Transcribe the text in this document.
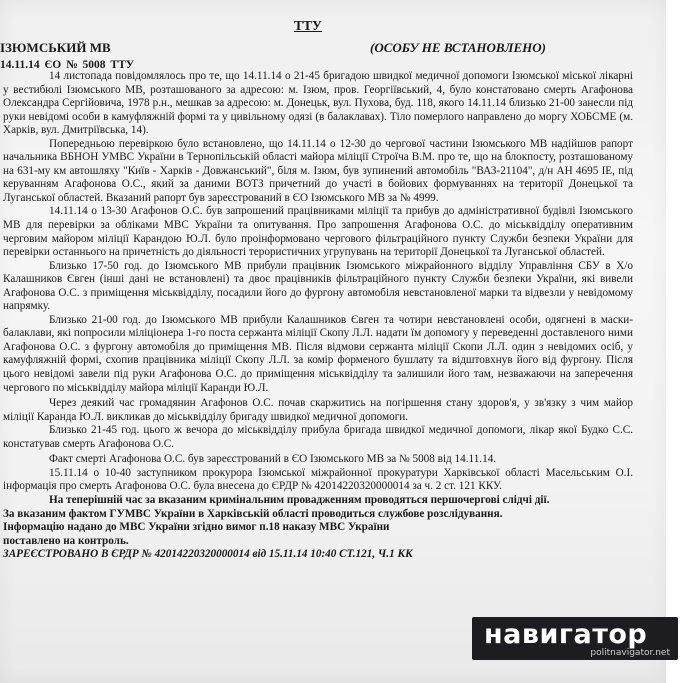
ТТУ
ІЗЮМСЬКИЙ МВ	(ОСОБУ НЕ ВСТАНОВЛЕНО)
14.11.14 ЄО № 5008 ТТУ

14 листопада повідомлялось про те, що 14.11.14 о 21-45 бригадою швидкої медичної допомоги Ізюмської міської лікарні у вестибюлі Ізюмського МВ, розташованого за адресою: м. Ізюм, пров. Георгіївський, 4, було констатовано смерть Агафонова Олександра Сергійовича, 1978 р.н., мешкав за адресою: м. Донецьк, вул. Пухова, буд. 118, якого 14.11.14 близько 21-00 занесли під руки невідомі особи в камуфляжній формі та у цивільному одязі (в балаклавах). Тіло померлого направлено до моргу ХОБСМЕ (м. Харків, вул. Дмитріївська, 14).

Попередньою перевіркою було встановлено, що 14.11.14 о 12-30 до чергової частини Ізюмського МВ надійшов рапорт начальника ВБНОН УМВС України в Тернопільській області майора міліції Строїча В.М. про те, що на блокпосту, розташованому на 631-му км автошляху "Київ - Харків - Довжанський", біля м. Ізюм, був зупинений автомобіль "ВАЗ-21104", д/н АН 4695 ІЕ, під керуванням Агафонова О.С., який за даними ВОТЗ причетний до участі в бойових формуваннях на території Донецької та Луганської областей. Вказаний рапорт був зареєстрований в ЄО Ізюмського МВ за № 4999.

14.11.14 о 13-30 Агафонов О.С. був запрошений працівниками міліції та прибув до адміністративної будівлі Ізюмського МВ для перевірки за обліками МВС України та опитування. Про запрошення Агафонова О.С. до міськвідділу оперативним черговим майором міліції Карандою Ю.Л. було проінформовано чергового фільтраційного пункту Служби безпеки України для перевірки останнього на причетність до діяльності терористичних угрупувань на території Донецької та Луганської областей.

Близько 17-50 год. до Ізюмського МВ прибули працівник Ізюмського міжрайонного відділу Управління СБУ в Х/о Калашников Євген (інші дані не встановлені) та двоє працівників фільтраційного пункту Служби безпеки України, які вивели Агафонова О.С. з приміщення міськвідділу, посадили його до фургону автомобіля невстановленої марки та відвезли у невідомому напрямку.

Близько 21-00 год. до Ізюмського МВ прибули Калашников Євген та чотири невстановлені особи, одягнені в маски-балаклави, які попросили міліціонера 1-го поста сержанта міліції Скопу Л.Л. надати їм допомогу у переведенні доставленого ними Агафонова О.С. з фургону автомобіля до приміщення МВ. Після відмови сержанта міліції Скопи Л.Л. один з невідомих осіб, у камуфляжній формі, схопив працівника міліції Скопу Л.Л. за комір форменого бушлату та відштовхнув його від фургону. Після цього невідомі завели під руки Агафонова О.С. до приміщення міськвідділу та залишили його там, незважаючи на заперечення чергового по міськвідділу майора міліції Каранди Ю.Л.

Через деякий час громадянин Агафонов О.С. почав скаржитись на погіршення стану здоров'я, у зв'язку з чим майор міліції Каранда Ю.Л. викликав до міськвідділу бригаду швидкої медичної допомоги.

Близько 21-45 год. цього ж вечора до міськвідділу прибула бригада швидкої медичної допомоги, лікар якої Будко С.С. констатував смерть Агафонова О.С.

Факт смерті Агафонова О.С. був зареєстрований в ЄО Ізюмського МВ за № 5008 від 14.11.14.

15.11.14 о 10-40 заступником прокурора Ізюмської міжрайонної прокуратури Харківської області Масельським О.І. інформація про смерть Агафонова О.С. була внесена до ЄРДР № 42014220320000014 за ч. 2 ст. 121 ККУ.

На теперішній час за вказаним кримінальним провадженням проводяться першочергові слідчі дії.

За вказаним фактом ГУМВС України в Харківській області проводиться службове розслідування.

Інформацію надано до МВС України згідно вимог п.18 наказу МВС України

поставлено на контроль.

ЗАРЕЄСТРОВАНО В ЄРДР № 42014220320000014 від 15.11.14 10:40 СТ.121, Ч.1 КК

навигатор
politnavigator.net
